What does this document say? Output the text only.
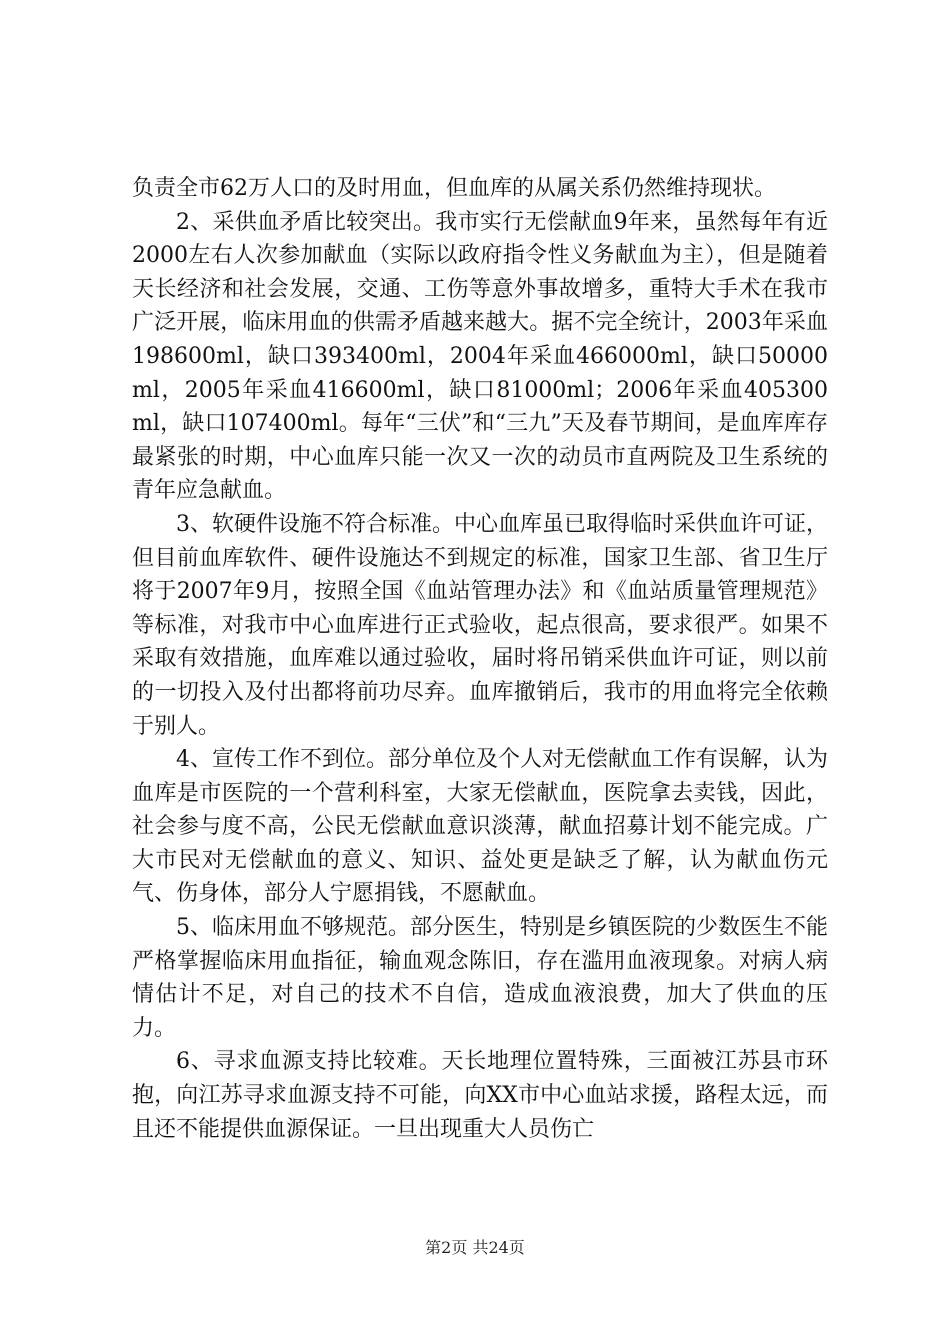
负责全市62万人口的及时用血，但血库的从属关系仍然维持现状。

2、采供血矛盾比较突出。我市实行无偿献血9年来，虽然每年有近2000左右人次参加献血（实际以政府指令性义务献血为主），但是随着天长经济和社会发展，交通、工伤等意外事故增多，重特大手术在我市广泛开展，临床用血的供需矛盾越来越大。据不完全统计，2003年采血198600ml，缺口393400ml，2004年采血466000ml，缺口50000ml，2005年采血416600ml，缺口81000ml；2006年采血405300ml，缺口107400ml。每年“三伏”和“三九”天及春节期间，是血库库存最紧张的时期，中心血库只能一次又一次的动员市直两院及卫生系统的青年应急献血。

3、软硬件设施不符合标准。中心血库虽已取得临时采供血许可证，但目前血库软件、硬件设施达不到规定的标准，国家卫生部、省卫生厅将于2007年9月，按照全国《血站管理办法》和《血站质量管理规范》等标准，对我市中心血库进行正式验收，起点很高，要求很严。如果不采取有效措施，血库难以通过验收，届时将吊销采供血许可证，则以前的一切投入及付出都将前功尽弃。血库撤销后，我市的用血将完全依赖于别人。

4、宣传工作不到位。部分单位及个人对无偿献血工作有误解，认为血库是市医院的一个营利科室，大家无偿献血，医院拿去卖钱，因此，社会参与度不高，公民无偿献血意识淡薄，献血招募计划不能完成。广大市民对无偿献血的意义、知识、益处更是缺乏了解，认为献血伤元气、伤身体，部分人宁愿捐钱，不愿献血。

5、临床用血不够规范。部分医生，特别是乡镇医院的少数医生不能严格掌握临床用血指征，输血观念陈旧，存在滥用血液现象。对病人病情估计不足，对自己的技术不自信，造成血液浪费，加大了供血的压力。

6、寻求血源支持比较难。天长地理位置特殊，三面被江苏县市环抱，向江苏寻求血源支持不可能，向XX市中心血站求援，路程太远，而且还不能提供血源保证。一旦出现重大人员伤亡

第2页 共24页
